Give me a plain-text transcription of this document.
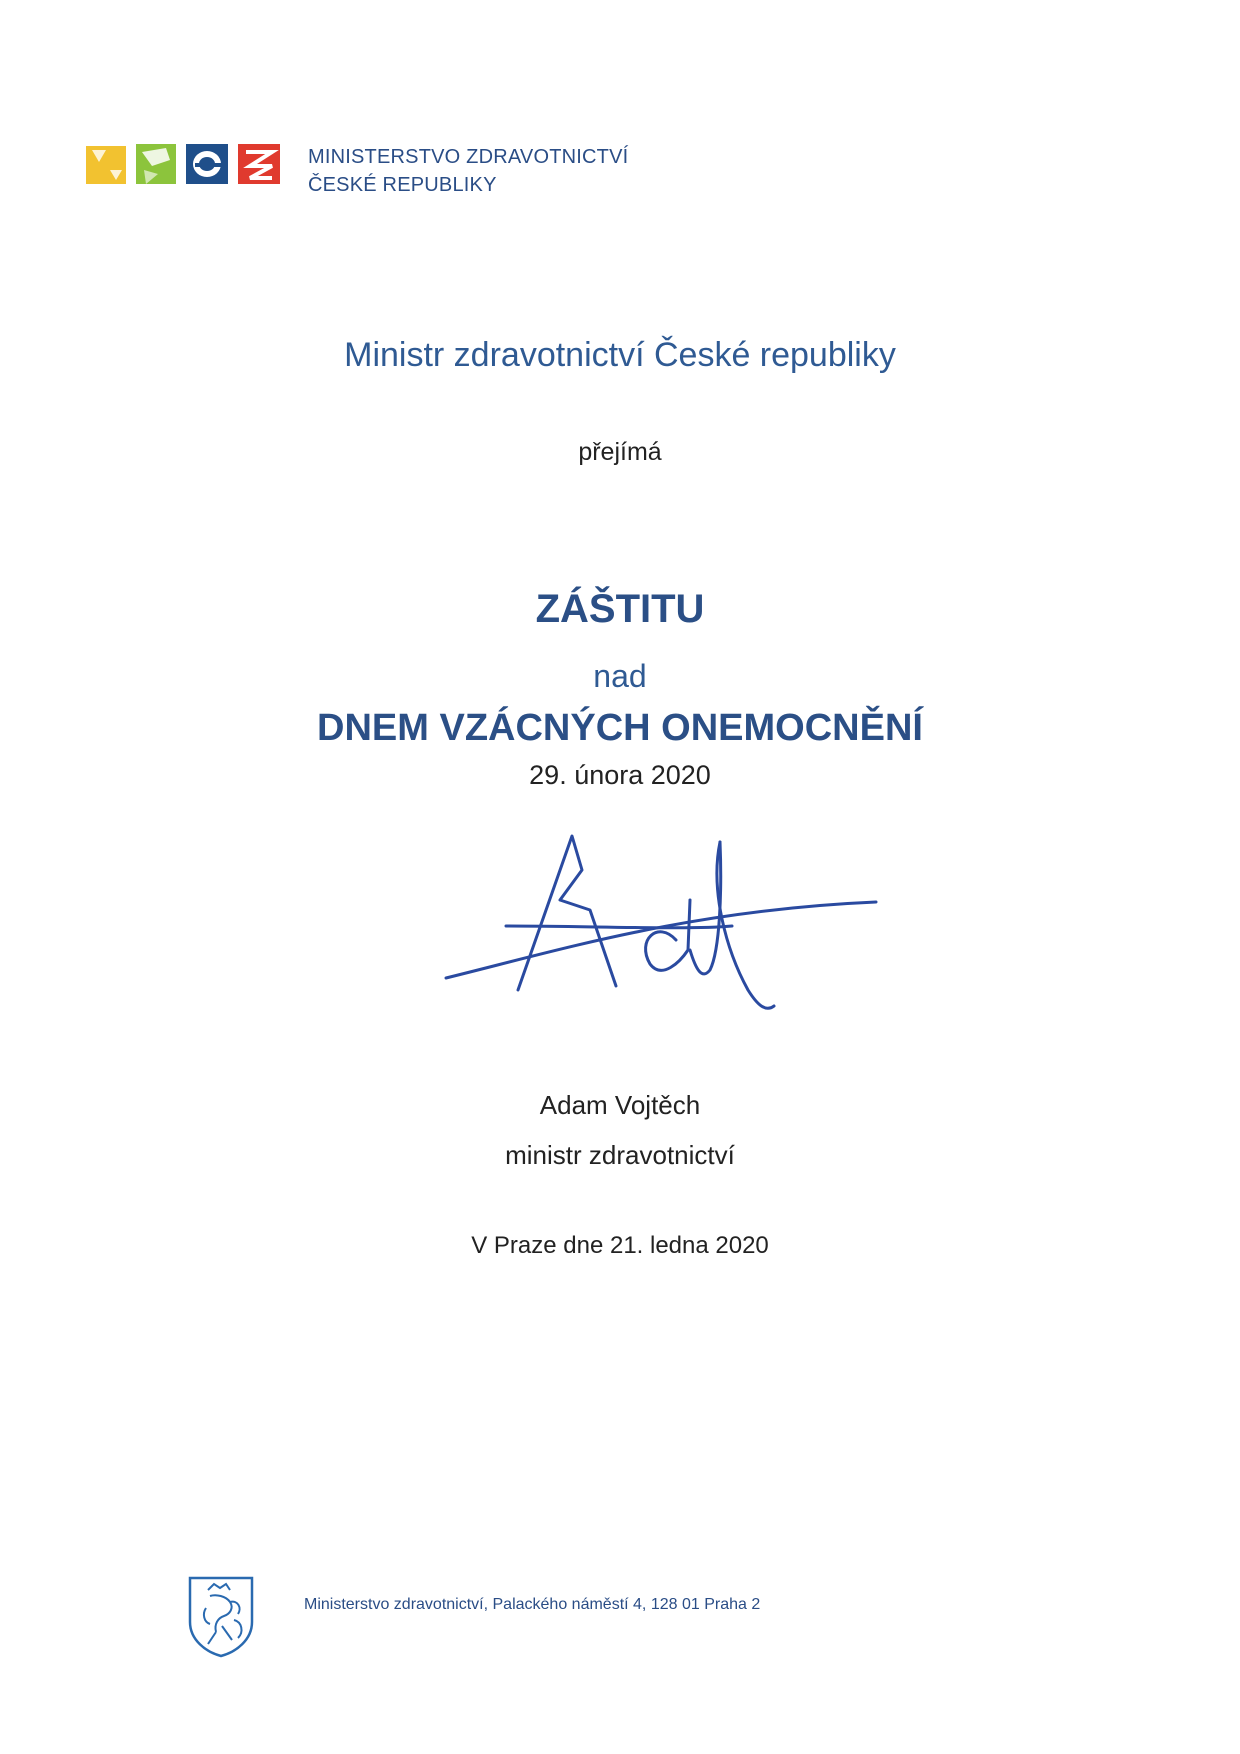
MINISTERSTVO ZDRAVOTNICTVÍ
ČESKÉ REPUBLIKY
Ministr zdravotnictví České republiky
přejímá
ZÁŠTITU
nad
DNEM VZÁCNÝCH ONEMOCNĚNÍ
29. února 2020
Adam Vojtěch
ministr zdravotnictví
V Praze dne 21. ledna 2020
Ministerstvo zdravotnictví, Palackého náměstí 4, 128 01 Praha 2
